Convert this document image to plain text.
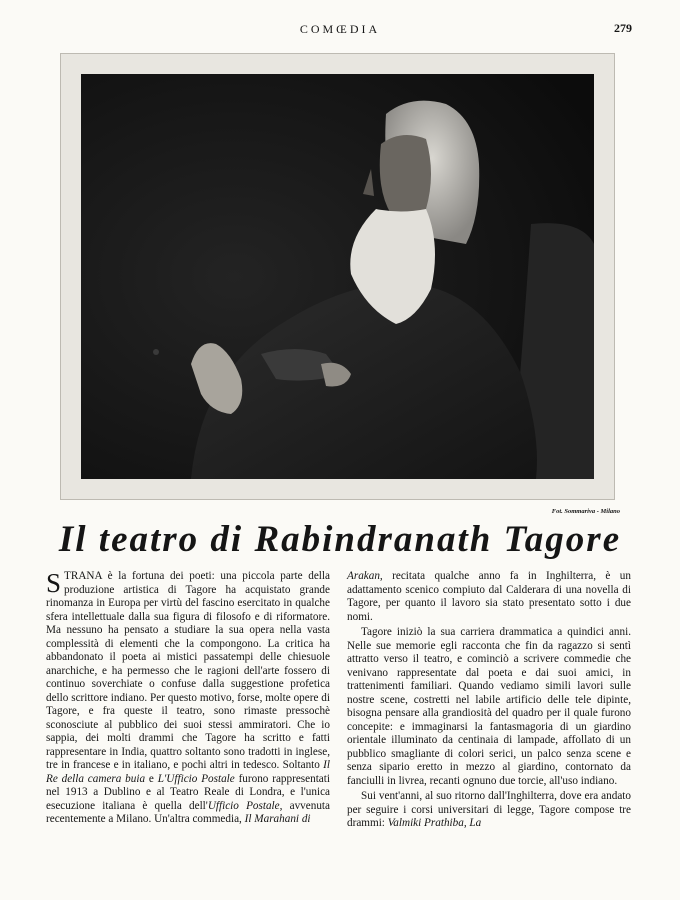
COMŒDIA	279
Fot. Sommariva - Milano
Il teatro di Rabindranath Tagore

STRANA è la fortuna dei poeti: una piccola parte della produzione artistica di Tagore ha acquistato grande rinomanza in Europa per virtù del fascino esercitato in qualche sfera intellettuale dalla sua figura di filosofo e di riformatore. Ma nessuno ha pensato a studiare la sua opera nella vasta complessità di elementi che la compongono. La critica ha abbandonato il poeta ai mistici passatempi delle chiesuole anarchiche, e ha permesso che le ragioni dell'arte fossero di continuo soverchiate o confuse dalla suggestione profetica dello scrittore indiano. Per questo motivo, forse, molte opere di Tagore, e fra queste il teatro, sono rimaste pressochè sconosciute al pubblico dei suoi stessi ammiratori. Che io sappia, dei molti drammi che Tagore ha scritto e fatti rappresentare in India, quattro soltanto sono tradotti in inglese, tre in francese e in italiano, e pochi altri in tedesco. Soltanto Il Re della camera buia e L'Ufficio Postale furono rappresentati nel 1913 a Dublino e al Teatro Reale di Londra, e l'unica esecuzione italiana è quella dell'Ufficio Postale, avvenuta recentemente a Milano. Un'altra commedia, Il Marahani di

Arakan, recitata qualche anno fa in Inghilterra, è un adattamento scenico compiuto dal Calderara di una novella di Tagore, per quanto il lavoro sia stato presentato sotto i due nomi.

Tagore iniziò la sua carriera drammatica a quindici anni. Nelle sue memorie egli racconta che fin da ragazzo si sentì attratto verso il teatro, e cominciò a scrivere commedie che venivano rappresentate dal poeta e dai suoi amici, in trattenimenti familiari. Quando vediamo simili lavori sulle nostre scene, costretti nel labile artificio delle tele dipinte, bisogna pensare alla grandiosità del quadro per il quale furono concepite: e immaginarsi la fantasmagoria di un giardino orientale illuminato da centinaia di lampade, affollato di un pubblico smagliante di colori serici, un palco senza scene e senza sipario eretto in mezzo al giardino, contornato da fanciulli in livrea, recanti ognuno due torcie, all'uso indiano.

Sui vent'anni, al suo ritorno dall'Inghilterra, dove era andato per seguire i corsi universitari di legge, Tagore compose tre drammi: Valmiki Prathiba, La
